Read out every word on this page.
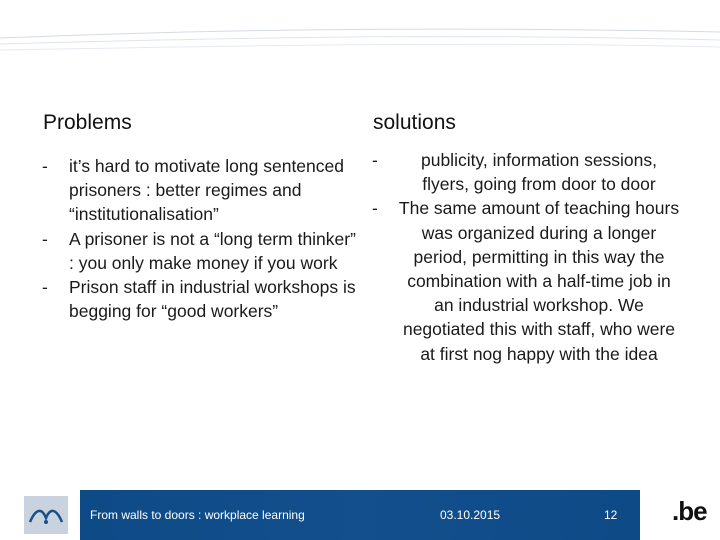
Problems	solutions
- it’s hard to motivate long sentenced prisoners : better regimes and “institutionalisation”
- A prisoner is not a “long term thinker” : you only make money if you work
- Prison staff in industrial workshops is begging for “good workers”
- publicity, information sessions, flyers, going from door to door
- The same amount of teaching hours was organized during a longer period, permitting in this way the combination with a half-time job in an industrial workshop. We negotiated this with staff, who were at first nog happy with the idea
From walls to doors : workplace learning	03.10.2015	12 .be
